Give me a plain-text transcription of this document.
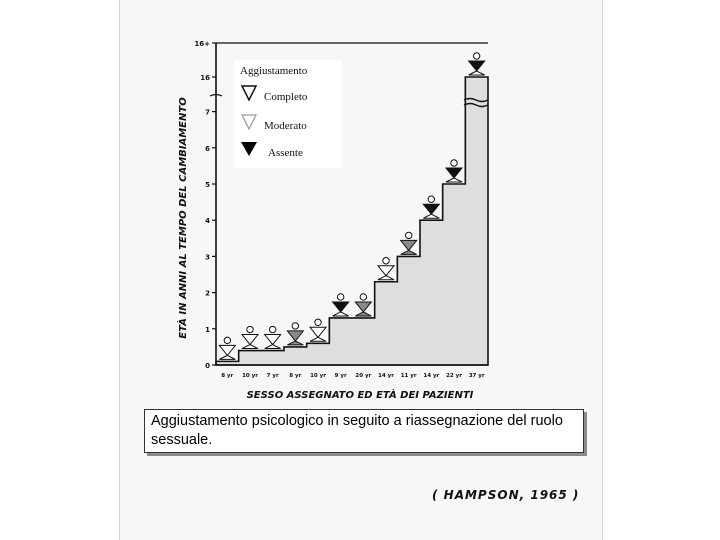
0
1
2
3
4
5
6
7
16
16+
8 yr 10 yr 7 yr 8 yr 10 yr 9 yr 20 yr 14 yr 11 yr 14 yr 22 yr 37 yr
SESSO ASSEGNATO ED ETÀ DEI PAZIENTI
ETÀ IN ANNI AL TEMPO DEL CAMBIAMENTO
Aggiustamento
Completo
Moderato
Assente
Aggiustamento psicologico in seguito a riassegnazione del ruolo sessuale.
( HAMPSON, 1965 )
